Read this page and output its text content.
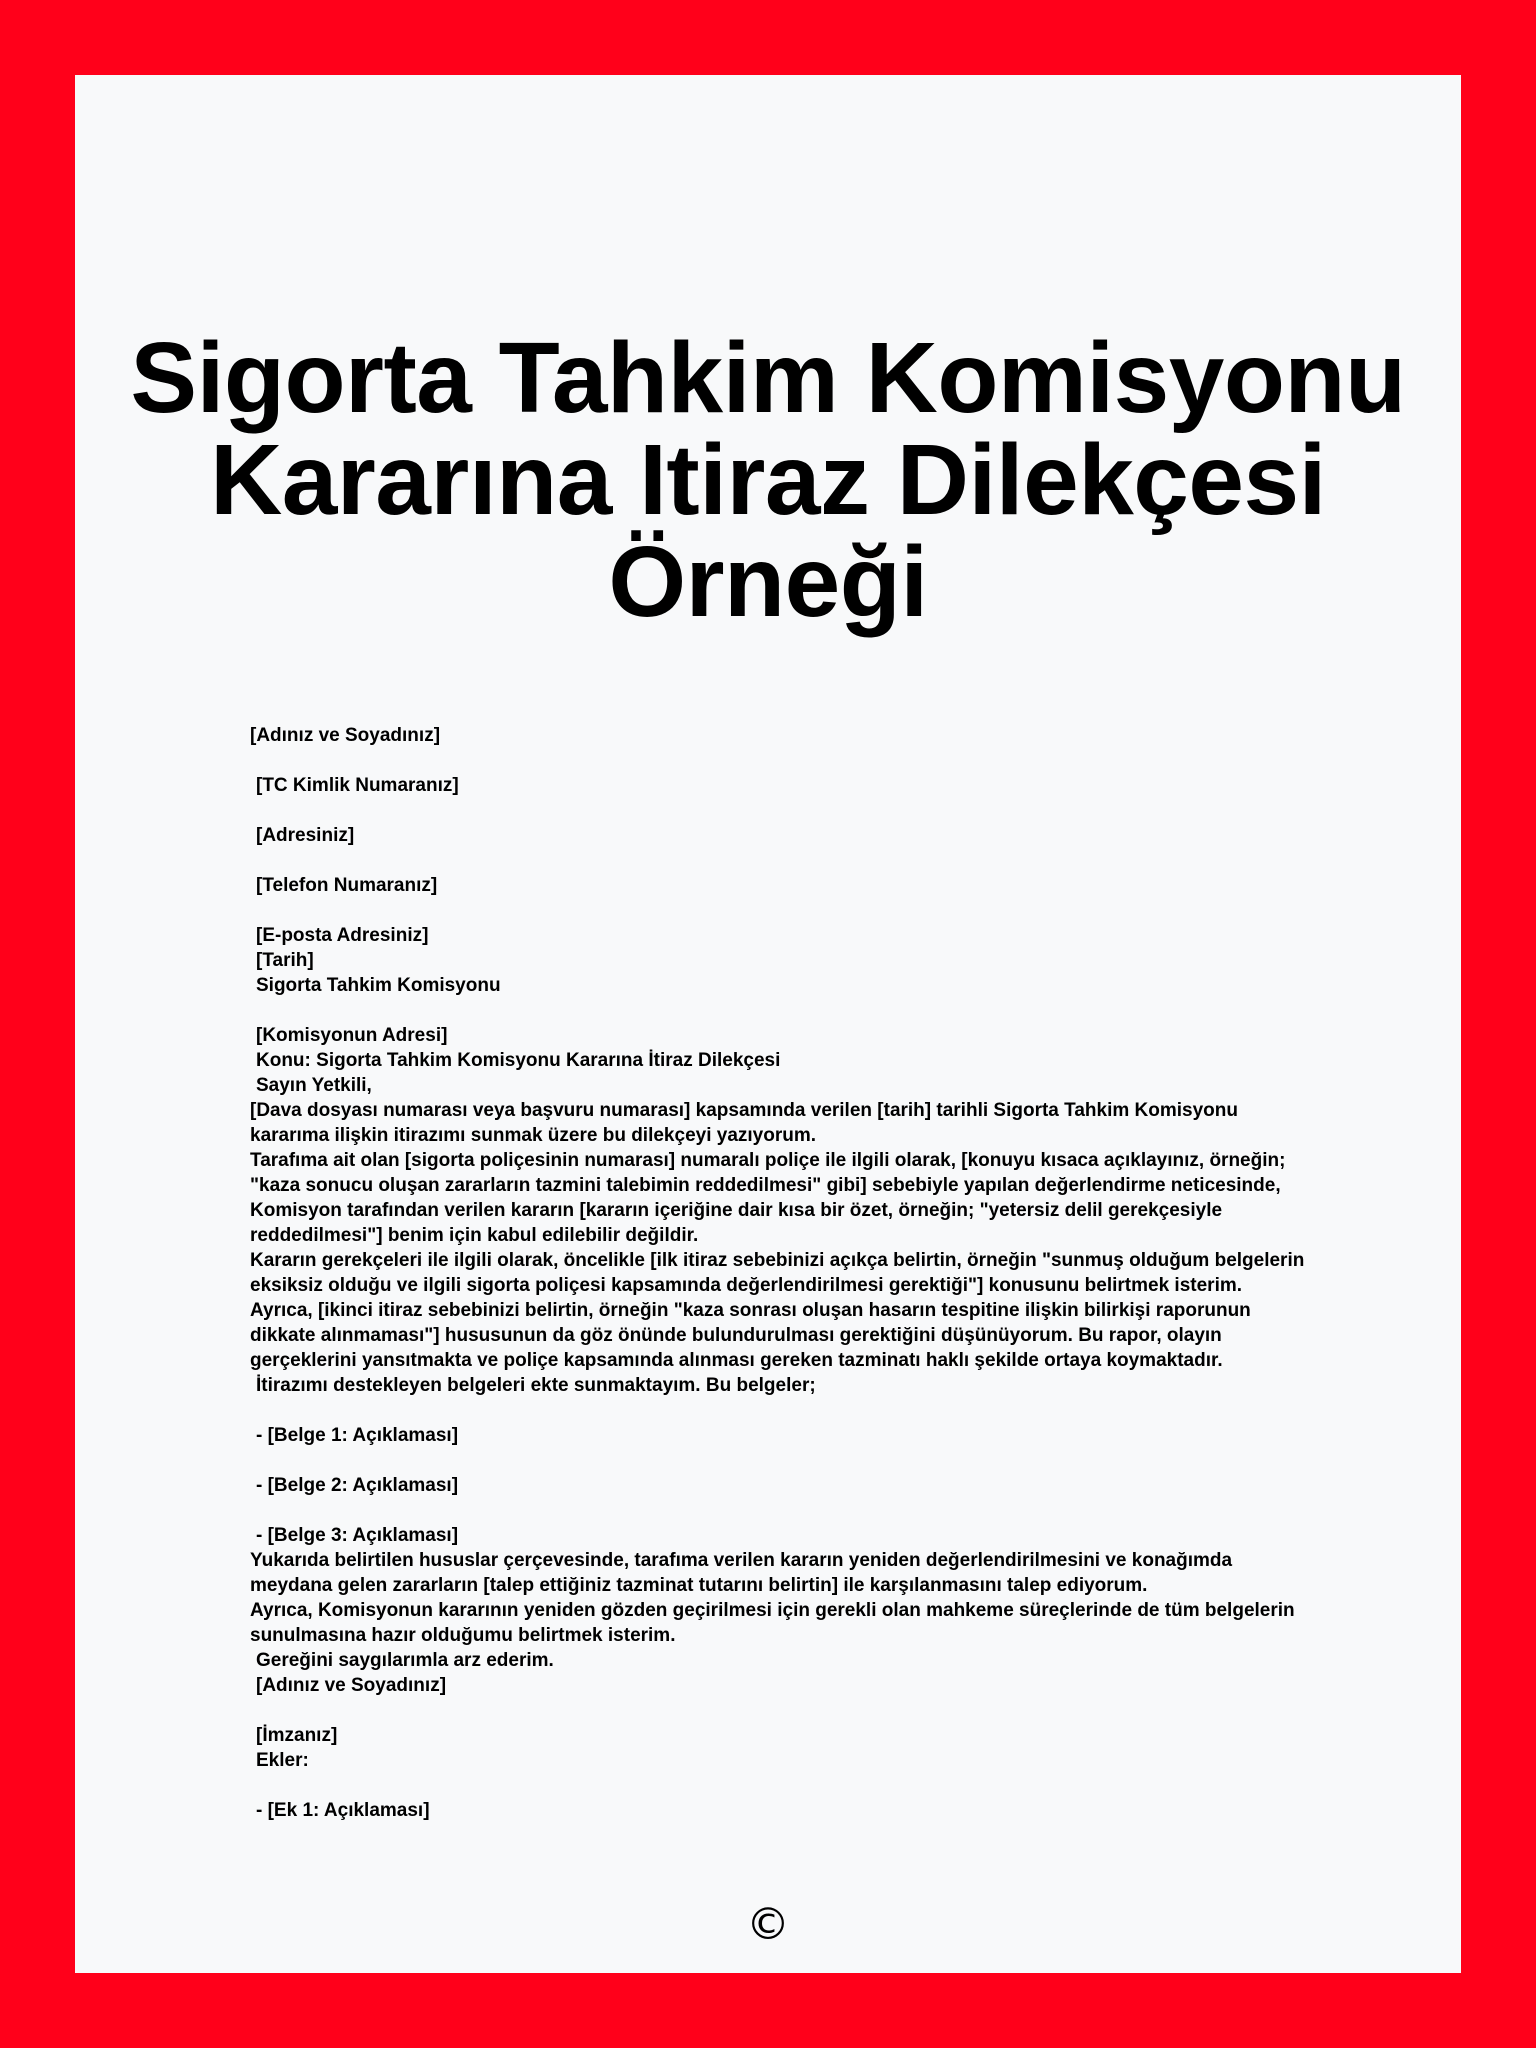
Sigorta Tahkim Komisyonu
Kararına Itiraz Dilekçesi
Örneği
[Adınız ve Soyadınız]
[TC Kimlik Numaranız]
[Adresiniz]
[Telefon Numaranız]
[E-posta Adresiniz]
[Tarih]
Sigorta Tahkim Komisyonu
[Komisyonun Adresi]
Konu: Sigorta Tahkim Komisyonu Kararına İtiraz Dilekçesi
Sayın Yetkili,
[Dava dosyası numarası veya başvuru numarası] kapsamında verilen [tarih] tarihli Sigorta Tahkim Komisyonu kararıma ilişkin itirazımı sunmak üzere bu dilekçeyi yazıyorum.
Tarafıma ait olan [sigorta poliçesinin numarası] numaralı poliçe ile ilgili olarak, [konuyu kısaca açıklayınız, örneğin; "kaza sonucu oluşan zararların tazmini talebimin reddedilmesi" gibi] sebebiyle yapılan değerlendirme neticesinde, Komisyon tarafından verilen kararın [kararın içeriğine dair kısa bir özet, örneğin; "yetersiz delil gerekçesiyle reddedilmesi"] benim için kabul edilebilir değildir.
Kararın gerekçeleri ile ilgili olarak, öncelikle [ilk itiraz sebebinizi açıkça belirtin, örneğin "sunmuş olduğum belgelerin eksiksiz olduğu ve ilgili sigorta poliçesi kapsamında değerlendirilmesi gerektiği"] konusunu belirtmek isterim.
Ayrıca, [ikinci itiraz sebebinizi belirtin, örneğin "kaza sonrası oluşan hasarın tespitine ilişkin bilirkişi raporunun dikkate alınmaması"] hususunun da göz önünde bulundurulması gerektiğini düşünüyorum. Bu rapor, olayın gerçeklerini yansıtmakta ve poliçe kapsamında alınması gereken tazminatı haklı şekilde ortaya koymaktadır.
İtirazımı destekleyen belgeleri ekte sunmaktayım. Bu belgeler;
- [Belge 1: Açıklaması]
- [Belge 2: Açıklaması]
- [Belge 3: Açıklaması]
Yukarıda belirtilen hususlar çerçevesinde, tarafıma verilen kararın yeniden değerlendirilmesini ve konağımda meydana gelen zararların [talep ettiğiniz tazminat tutarını belirtin] ile karşılanmasını talep ediyorum.
Ayrıca, Komisyonun kararının yeniden gözden geçirilmesi için gerekli olan mahkeme süreçlerinde de tüm belgelerin sunulmasına hazır olduğumu belirtmek isterim.
Gereğini saygılarımla arz ederim.
[Adınız ve Soyadınız]
[İmzanız]
Ekler:
- [Ek 1: Açıklaması]
©
